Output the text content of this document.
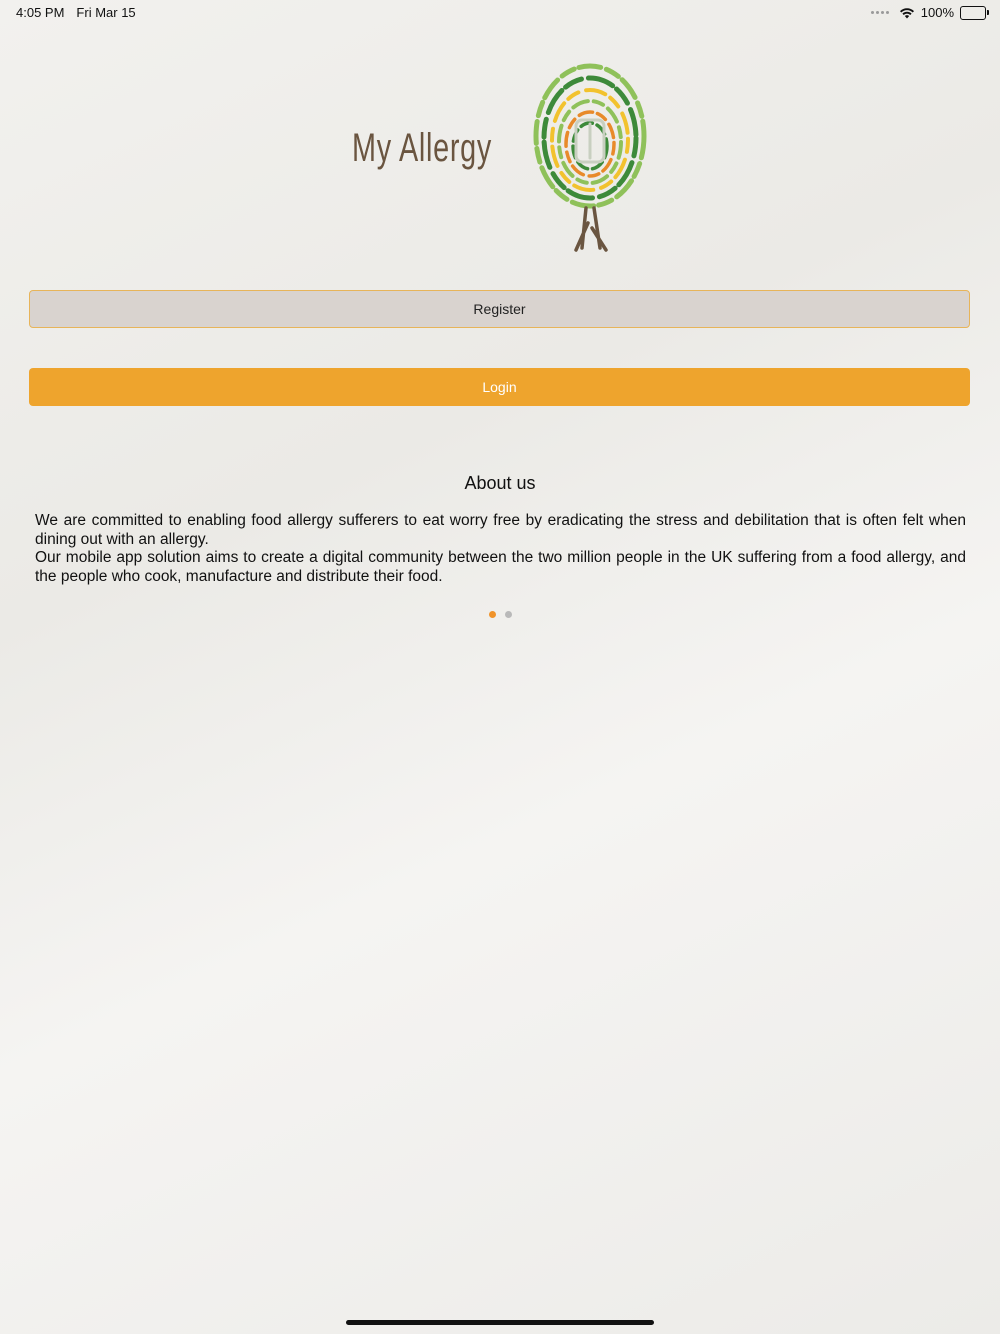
4:05 PM Fri Mar 15	100%
My Allergy
Register
Login
About us

We are committed to enabling food allergy sufferers to eat worry free by eradicating the stress and debilitation that is often felt when dining out with an allergy.

Our mobile app solution aims to create a digital community between the two million people in the UK suffering from a food allergy, and the people who cook, manufacture and distribute their food.
